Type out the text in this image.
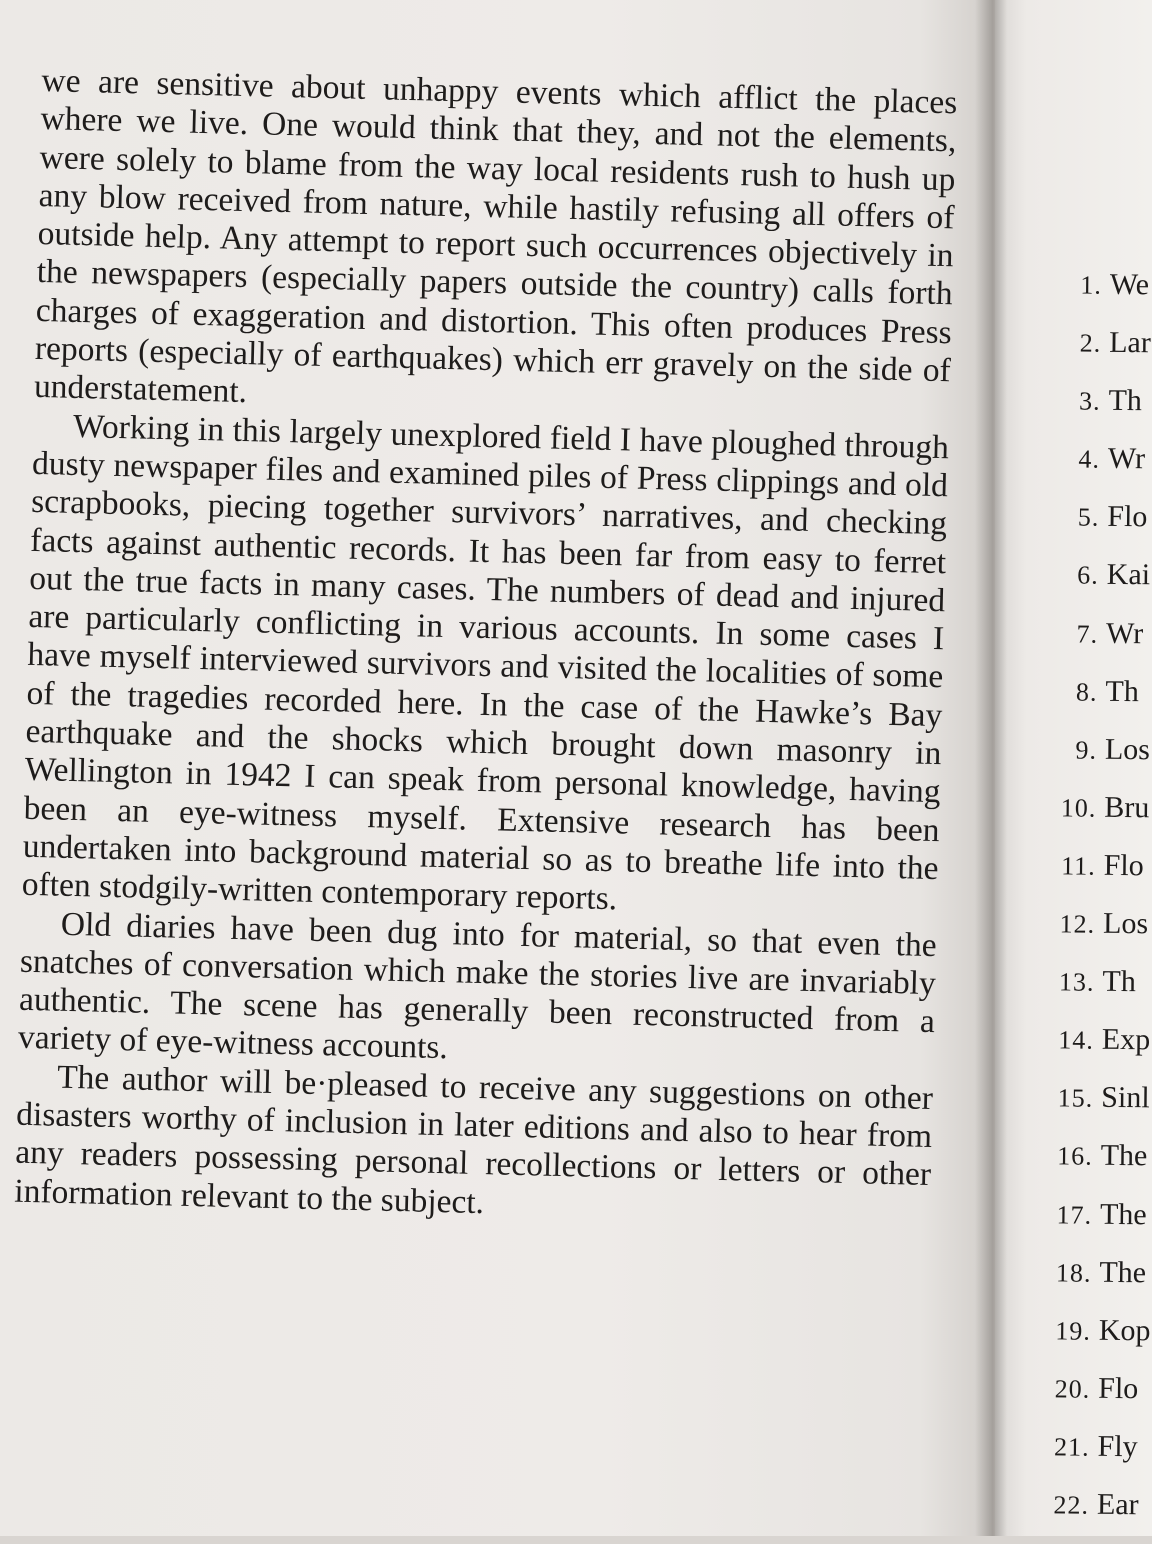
we are sensitive about unhappy events which afflict the places where we live. One would think that they, and not the elements, were solely to blame from the way local residents rush to hush up any blow received from nature, while hastily refusing all offers of outside help. Any attempt to report such occurrences objectively in the newspapers (especially papers outside the country) calls forth charges of exaggeration and distortion. This often produces Press reports (especially of earthquakes) which err gravely on the side of understatement.

Working in this largely unexplored field I have ploughed through dusty newspaper files and examined piles of Press clippings and old scrapbooks, piecing together survivors’ narratives, and checking facts against authentic records. It has been far from easy to ferret out the true facts in many cases. The numbers of dead and injured are particularly conflicting in various accounts. In some cases I have myself interviewed survivors and visited the localities of some of the tragedies recorded here. In the case of the Hawke’s Bay earthquake and the shocks which brought down masonry in Wellington in 1942 I can speak from personal knowledge, having been an eye-witness myself. Extensive research has been undertaken into background material so as to breathe life into the often stodgily-written contemporary reports.

Old diaries have been dug into for material, so that even the snatches of conversation which make the stories live are invariably authentic. The scene has generally been reconstructed from a variety of eye-witness accounts.

The author will be·pleased to receive any suggestions on other disasters worthy of inclusion in later editions and also to hear from any readers possessing personal recollections or letters or other information relevant to the subject.

1. We
2. Lar
3. Th
4. Wr
5. Flo
6. Kai
7. Wr
8. Th
9. Los
10. Bru
11. Flo
12. Los
13. Th
14. Exp
15. Sinl
16. The
17. The
18. The
19. Kop
20. Flo
21. Fly
22. Ear
